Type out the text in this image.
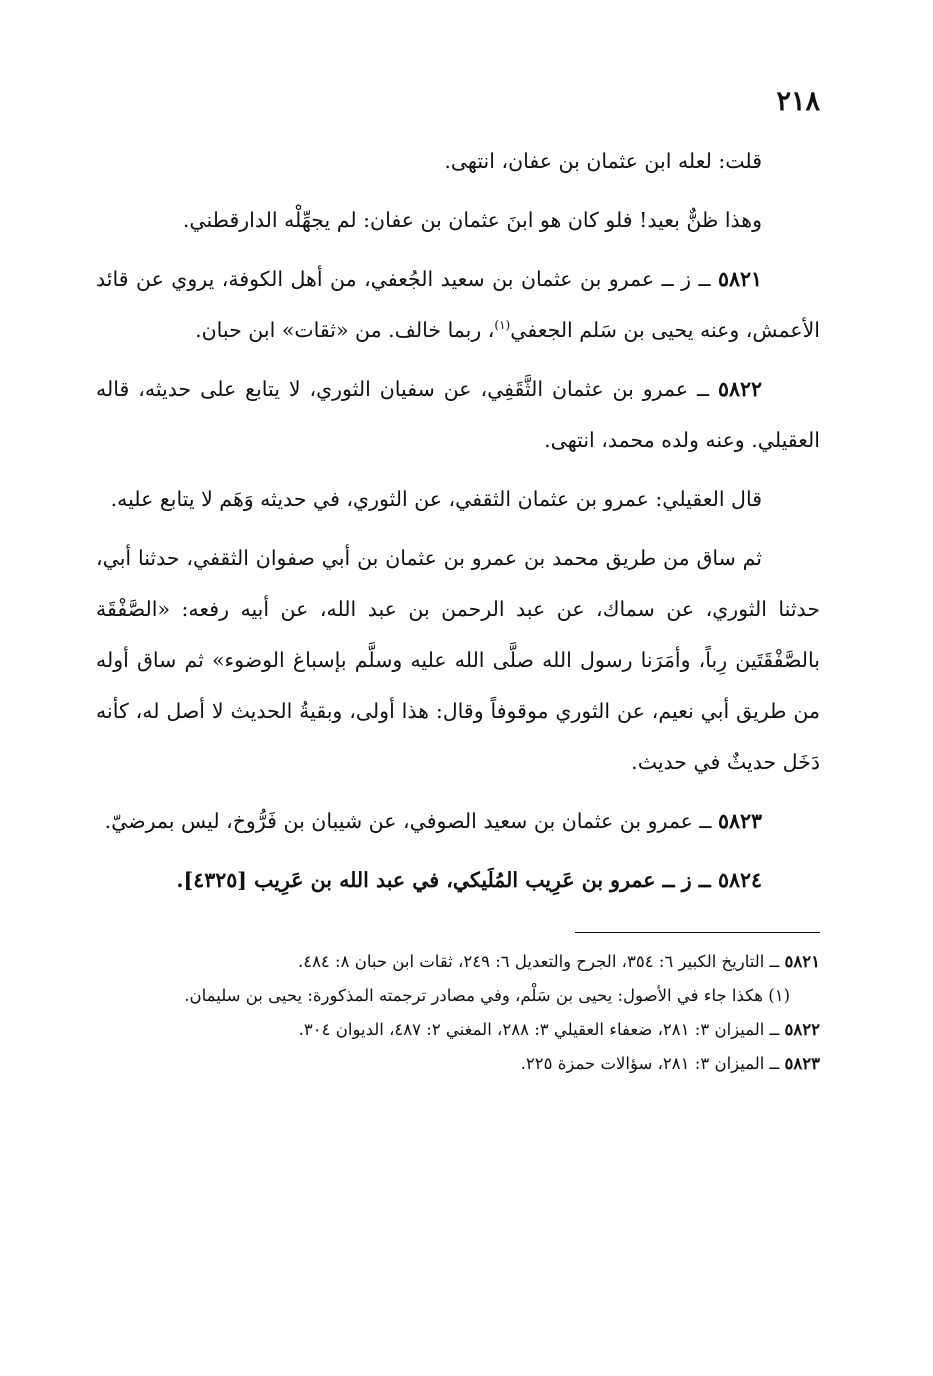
٢١٨

قلت: لعله ابن عثمان بن عفان، انتهى.

وهذا ظنٌّ بعيد! فلو كان هو ابنَ عثمان بن عفان: لم يجهِّلْه الدارقطني.

٥٨٢١ ــ ز ــ عمرو بن عثمان بن سعيد الجُعفي، من أهل الكوفة، يروي عن قائد الأعمش، وعنه يحيى بن سَلم الجعفي$^{(١)}$، ربما خالف. من «ثقات» ابن حبان.

٥٨٢٢ ــ عمرو بن عثمان الثَّقَفِي، عن سفيان الثوري، لا يتابع على حديثه، قاله العقيلي. وعنه ولده محمد، انتهى.

قال العقيلي: عمرو بن عثمان الثقفي، عن الثوري، في حديثه وَهَم لا يتابع عليه.

ثم ساق من طريق محمد بن عمرو بن عثمان بن أبي صفوان الثقفي، حدثنا أبي، حدثنا الثوري، عن سماك، عن عبد الرحمن بن عبد الله، عن أبيه رفعه: «الصَّفْقَة بالصَّفْقَتَين رِباً، وأمَرَنا رسول الله صلَّى الله عليه وسلَّم بإسباغ الوضوء» ثم ساق أوله من طريق أبي نعيم، عن الثوري موقوفاً وقال: هذا أولى، وبقيةُ الحديث لا أصل له، كأنه دَخَل حديثٌ في حديث.

٥٨٢٣ ــ عمرو بن عثمان بن سعيد الصوفي، عن شيبان بن فَرُّوخ، ليس بمرضيّ.

٥٨٢٤ ــ ز ــ عمرو بن عَرِيب المُلَيكي، في عبد الله بن عَرِيب [٤٣٢٥].

٥٨٢١ ــ التاريخ الكبير ٦: ٣٥٤، الجرح والتعديل ٦: ٢٤٩، ثقات ابن حبان ٨: ٤٨٤.

(١) هكذا جاء في الأصول: يحيى بن سَلْم، وفي مصادر ترجمته المذكورة: يحيى بن سليمان.

٥٨٢٢ ــ الميزان ٣: ٢٨١، ضعفاء العقيلي ٣: ٢٨٨، المغني ٢: ٤٨٧، الديوان ٣٠٤.

٥٨٢٣ ــ الميزان ٣: ٢٨١، سؤالات حمزة ٢٢٥.
